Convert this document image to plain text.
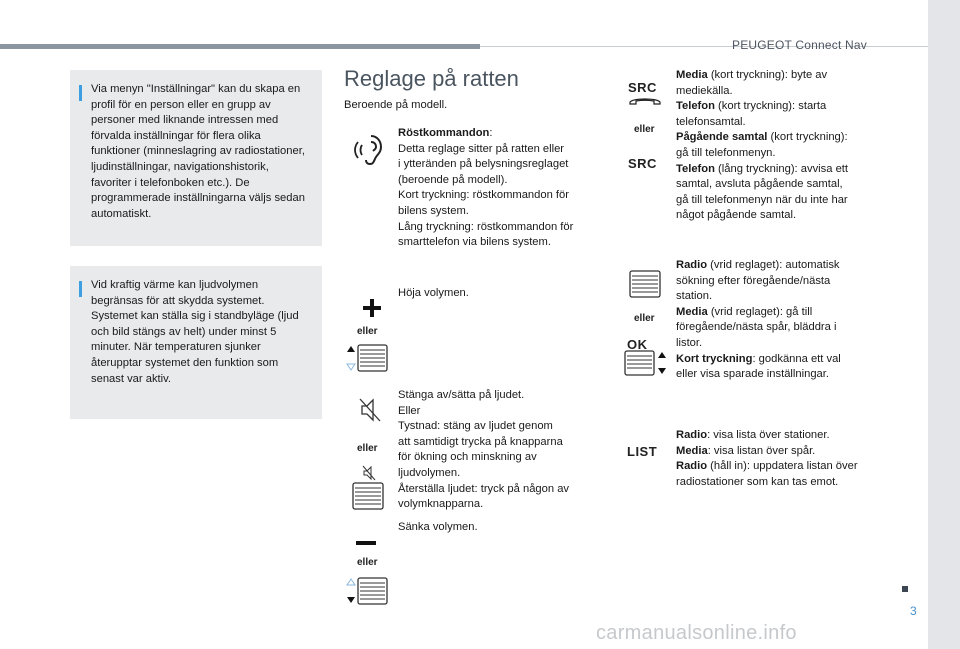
PEUGEOT Connect Nav
Via menyn "Inställningar" kan du skapa en profil för en person eller en grupp av personer med liknande intressen med förvalda inställningar för flera olika funktioner (minneslagring av radiostationer, ljudinställningar, navigationshistorik, favoriter i telefonboken etc.). De programmerade inställningarna väljs sedan automatiskt.
Vid kraftig värme kan ljudvolymen begränsas för att skydda systemet. Systemet kan ställa sig i standbyläge (ljud och bild stängs av helt) under minst 5 minuter. När temperaturen sjunker återupptar systemet den funktion som senast var aktiv.
Reglage på ratten
Beroende på modell.
Röstkommandon:
Detta reglage sitter på ratten eller
i ytteränden på belysningsreglaget
(beroende på modell).
Kort tryckning: röstkommandon för
bilens system.
Lång tryckning: röstkommandon för
smarttelefon via bilens system.
eller
Höja volymen.
eller
Stänga av/sätta på ljudet.
Eller
Tystnad: stäng av ljudet genom
att samtidigt trycka på knapparna
för ökning och minskning av
ljudvolymen.
Återställa ljudet: tryck på någon av
volymknapparna.
eller
Sänka volymen.
SRC
eller
SRC
Media (kort tryckning): byte av
mediekälla.
Telefon (kort tryckning): starta
telefonsamtal.
Pågående samtal (kort tryckning):
gå till telefonmenyn.
Telefon (lång tryckning): avvisa ett
samtal, avsluta pågående samtal,
gå till telefonmenyn när du inte har
något pågående samtal.
eller
OK
Radio (vrid reglaget): automatisk
sökning efter föregående/nästa
station.
Media (vrid reglaget): gå till
föregående/nästa spår, bläddra i
listor.
Kort tryckning: godkänna ett val
eller visa sparade inställningar.
LIST
Radio: visa lista över stationer.
Media: visa listan över spår.
Radio (håll in): uppdatera listan över
radiostationer som kan tas emot.
3
carmanualsonline.info
